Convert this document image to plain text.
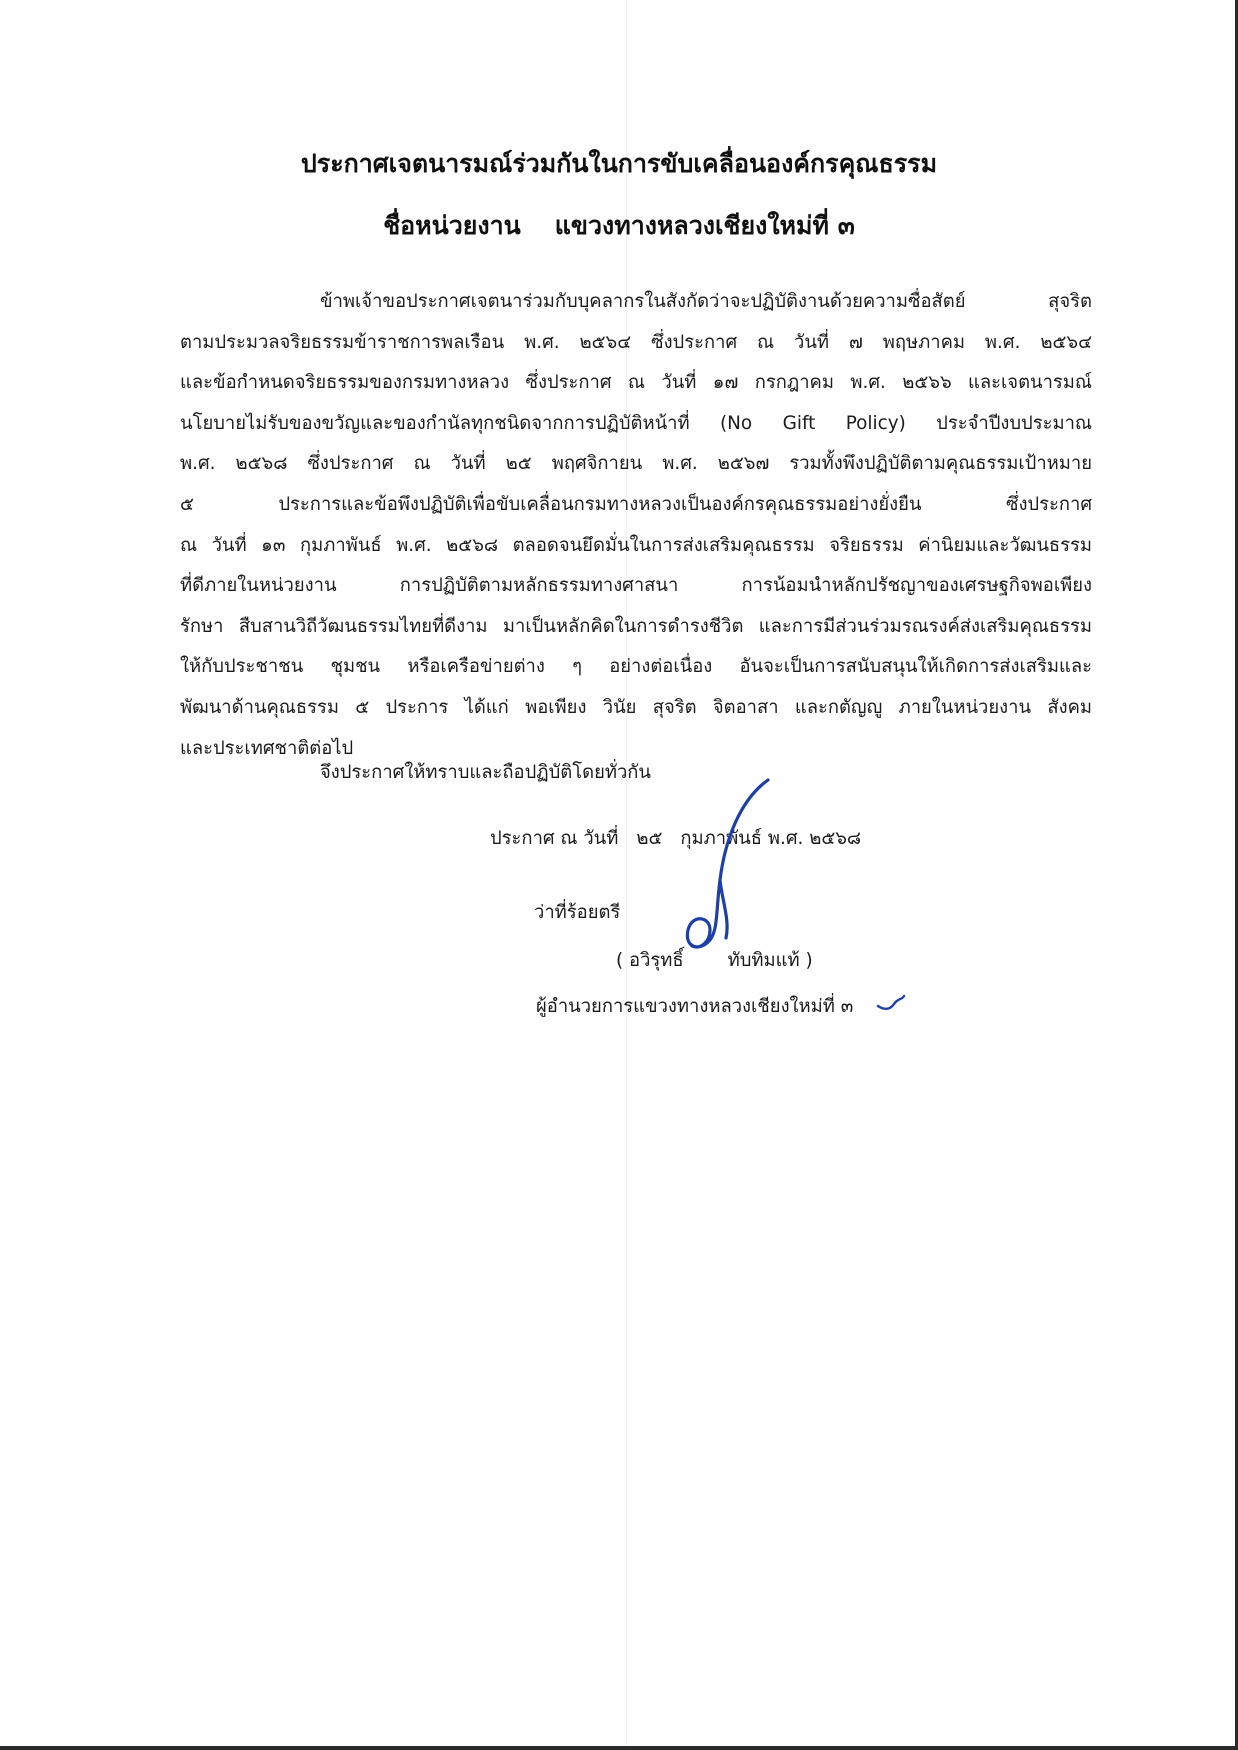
ประกาศเจตนารมณ์ร่วมกันในการขับเคลื่อนองค์กรคุณธรรม
ชื่อหน่วยงาน แขวงทางหลวงเชียงใหม่ที่ ๓
ข้าพเจ้าขอประกาศเจตนาร่วมกับบุคลากรในสังกัดว่าจะปฏิบัติงานด้วยความซื่อสัตย์ สุจริต
ตามประมวลจริยธรรมข้าราชการพลเรือน พ.ศ. ๒๕๖๔ ซึ่งประกาศ ณ วันที่ ๗ พฤษภาคม พ.ศ. ๒๕๖๔
และข้อกำหนดจริยธรรมของกรมทางหลวง ซึ่งประกาศ ณ วันที่ ๑๗ กรกฎาคม พ.ศ. ๒๕๖๖ และเจตนารมณ์
นโยบายไม่รับของขวัญและของกำนัลทุกชนิดจากการปฏิบัติหน้าที่ (No Gift Policy) ประจำปีงบประมาณ
พ.ศ. ๒๕๖๘ ซึ่งประกาศ ณ วันที่ ๒๕ พฤศจิกายน พ.ศ. ๒๕๖๗ รวมทั้งพึงปฏิบัติตามคุณธรรมเป้าหมาย
๕ ประการและข้อพึงปฏิบัติเพื่อขับเคลื่อนกรมทางหลวงเป็นองค์กรคุณธรรมอย่างยั่งยืน ซึ่งประกาศ
ณ วันที่ ๑๓ กุมภาพันธ์ พ.ศ. ๒๕๖๘ ตลอดจนยึดมั่นในการส่งเสริมคุณธรรม จริยธรรม ค่านิยมและวัฒนธรรม
ที่ดีภายในหน่วยงาน การปฏิบัติตามหลักธรรมทางศาสนา การน้อมนำหลักปรัชญาของเศรษฐกิจพอเพียง
รักษา สืบสานวิถีวัฒนธรรมไทยที่ดีงาม มาเป็นหลักคิดในการดำรงชีวิต และการมีส่วนร่วมรณรงค์ส่งเสริมคุณธรรม
ให้กับประชาชน ชุมชน หรือเครือข่ายต่าง ๆ อย่างต่อเนื่อง อันจะเป็นการสนับสนุนให้เกิดการส่งเสริมและ
พัฒนาด้านคุณธรรม ๕ ประการ ได้แก่ พอเพียง วินัย สุจริต จิตอาสา และกตัญญู ภายในหน่วยงาน สังคม
และประเทศชาติต่อไป
จึงประกาศให้ทราบและถือปฏิบัติโดยทั่วกัน
ประกาศ ณ วันที่ ๒๕ กุมภาพันธ์ พ.ศ. ๒๕๖๘
ว่าที่ร้อยตรี
( อวิรุทธิ์ ทับทิมแท้ )
ผู้อำนวยการแขวงทางหลวงเชียงใหม่ที่ ๓
